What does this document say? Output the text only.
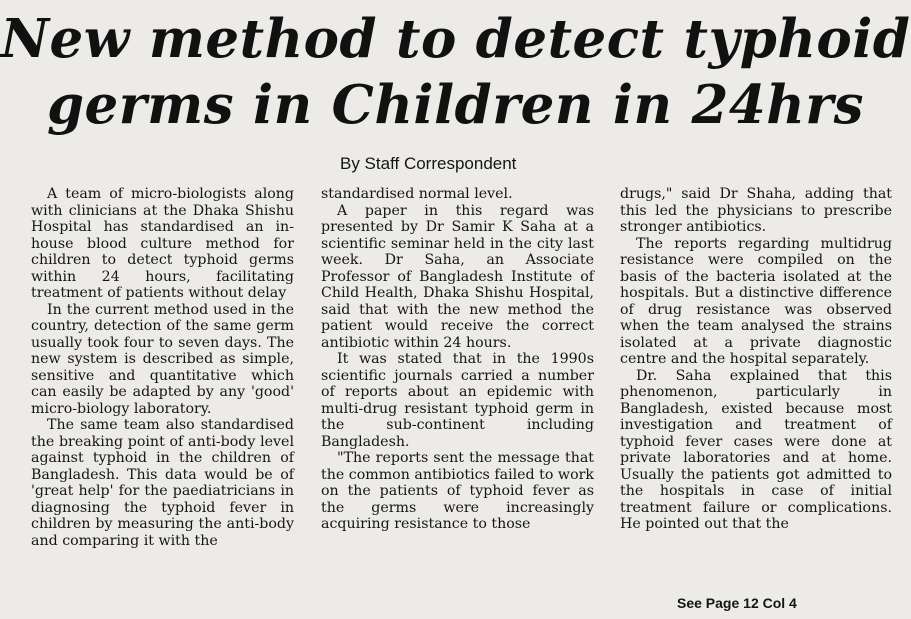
New method to detect typhoid
germs in Children in 24hrs
By Staff Correspondent

A team of micro-biologists along with clinicians at the Dhaka Shishu Hospital has standardised an in-house blood culture method for children to detect typhoid germs within 24 hours, facilitating treatment of patients without delay

In the current method used in the country, detection of the same germ usually took four to seven days. The new system is described as simple, sensitive and quantitative which can easily be adapted by any 'good' micro-biology laboratory.

The same team also standardised the breaking point of anti-body level against typhoid in the children of Bangladesh. This data would be of 'great help' for the paediatricians in diagnosing the typhoid fever in children by measuring the anti-body and comparing it with the

standardised normal level.

A paper in this regard was presented by Dr Samir K Saha at a scientific seminar held in the city last week. Dr Saha, an Associate Professor of Bangladesh Institute of Child Health, Dhaka Shishu Hospital, said that with the new method the patient would receive the correct antibiotic within 24 hours.

It was stated that in the 1990s scientific journals carried a number of reports about an epidemic with multi-drug resistant typhoid germ in the sub-continent including Bangladesh.

"The reports sent the message that the common antibiotics failed to work on the patients of typhoid fever as the germs were increasingly acquiring resistance to those

drugs," said Dr Shaha, adding that this led the physicians to prescribe stronger antibiotics.

The reports regarding multidrug resistance were compiled on the basis of the bacteria isolated at the hospitals. But a distinctive difference of drug resistance was observed when the team analysed the strains isolated at a private diagnostic centre and the hospital separately.

Dr. Saha explained that this phenomenon, particularly in Bangladesh, existed because most investigation and treatment of typhoid fever cases were done at private laboratories and at home. Usually the patients got admitted to the hospitals in case of initial treatment failure or complications. He pointed out that the

See Page 12 Col 4
